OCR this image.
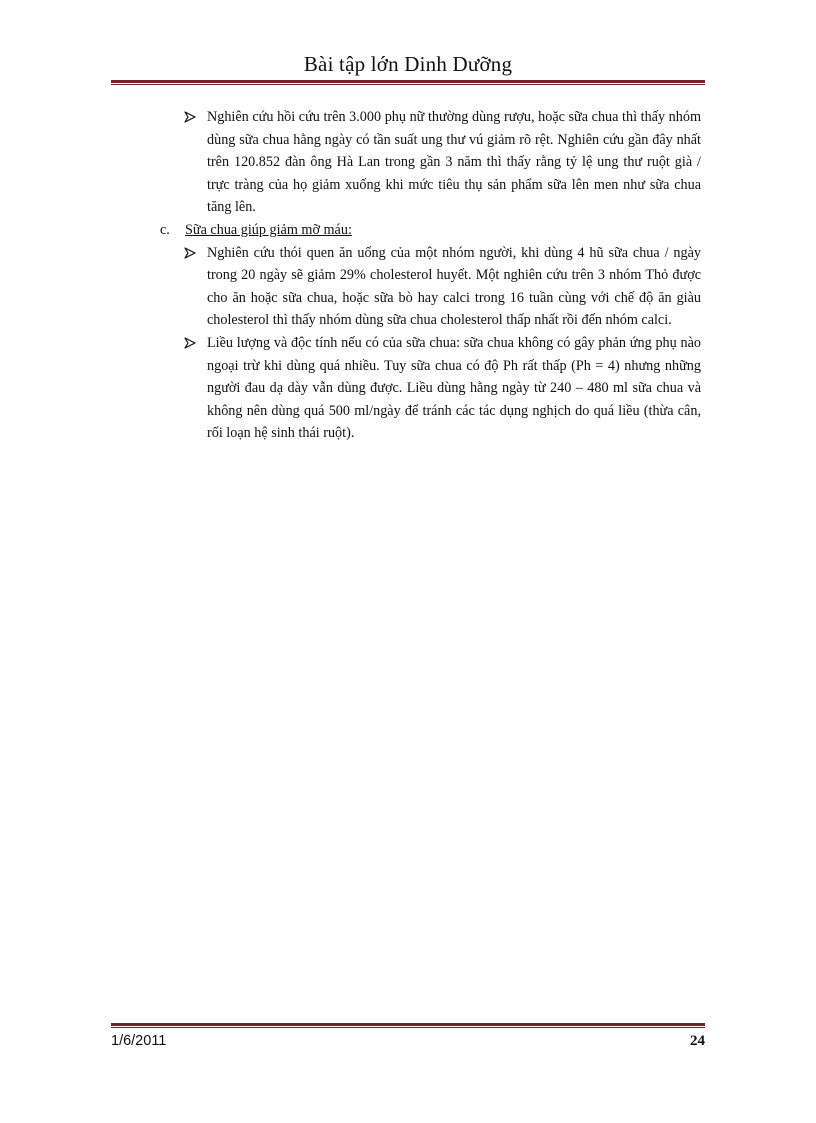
Bài tập lớn Dinh Dưỡng
Nghiên cứu hồi cứu trên 3.000 phụ nữ thường dùng rượu, hoặc sữa chua thì thấy nhóm dùng sữa chua hằng ngày có tần suất ung thư vú giảm rõ rệt. Nghiên cứu gần đây nhất trên 120.852 đàn ông Hà Lan trong gần 3 năm thì thấy rằng tỷ lệ ung thư ruột già / trực tràng của họ giảm xuống khi mức tiêu thụ sản phẩm sữa lên men như sữa chua tăng lên.
c. Sữa chua giúp giảm mỡ máu:
Nghiên cứu thói quen ăn uống của một nhóm người, khi dùng 4 hũ sữa chua / ngày trong 20 ngày sẽ giảm 29% cholesterol huyết. Một nghiên cứu trên 3 nhóm Thỏ được cho ăn hoặc sữa chua, hoặc sữa bò hay calci trong 16 tuần cùng với chế độ ăn giàu cholesterol thì thấy nhóm dùng sữa chua cholesterol thấp nhất rồi đến nhóm calci.
Liều lượng và độc tính nếu có của sữa chua: sữa chua không có gây phản ứng phụ nào ngoại trừ khi dùng quá nhiều. Tuy sữa chua có độ Ph rất thấp (Ph = 4) nhưng những người đau dạ dày vẫn dùng được. Liều dùng hằng ngày từ 240 – 480 ml sữa chua và không nên dùng quá 500 ml/ngày để tránh các tác dụng nghịch do quá liều (thừa cân, rối loạn hệ sinh thái ruột).
1/6/2011	24
